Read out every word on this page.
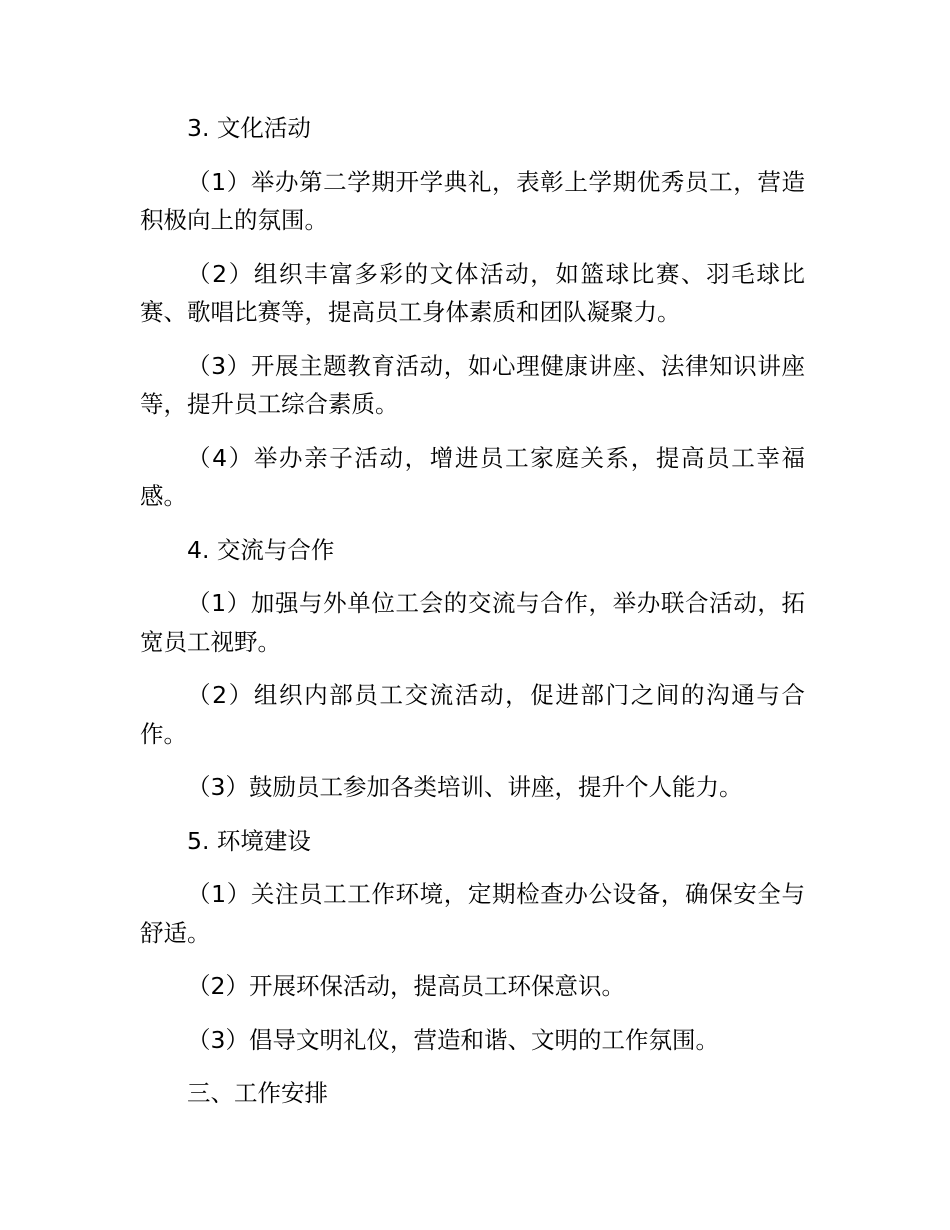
3. 文化活动

（1）举办第二学期开学典礼，表彰上学期优秀员工，营造积极向上的氛围。

（2）组织丰富多彩的文体活动，如篮球比赛、羽毛球比赛、歌唱比赛等，提高员工身体素质和团队凝聚力。

（3）开展主题教育活动，如心理健康讲座、法律知识讲座等，提升员工综合素质。

（4）举办亲子活动，增进员工家庭关系，提高员工幸福感。

4. 交流与合作

（1）加强与外单位工会的交流与合作，举办联合活动，拓宽员工视野。

（2）组织内部员工交流活动，促进部门之间的沟通与合作。

（3）鼓励员工参加各类培训、讲座，提升个人能力。

5. 环境建设

（1）关注员工工作环境，定期检查办公设备，确保安全与舒适。

（2）开展环保活动，提高员工环保意识。

（3）倡导文明礼仪，营造和谐、文明的工作氛围。

三、工作安排
